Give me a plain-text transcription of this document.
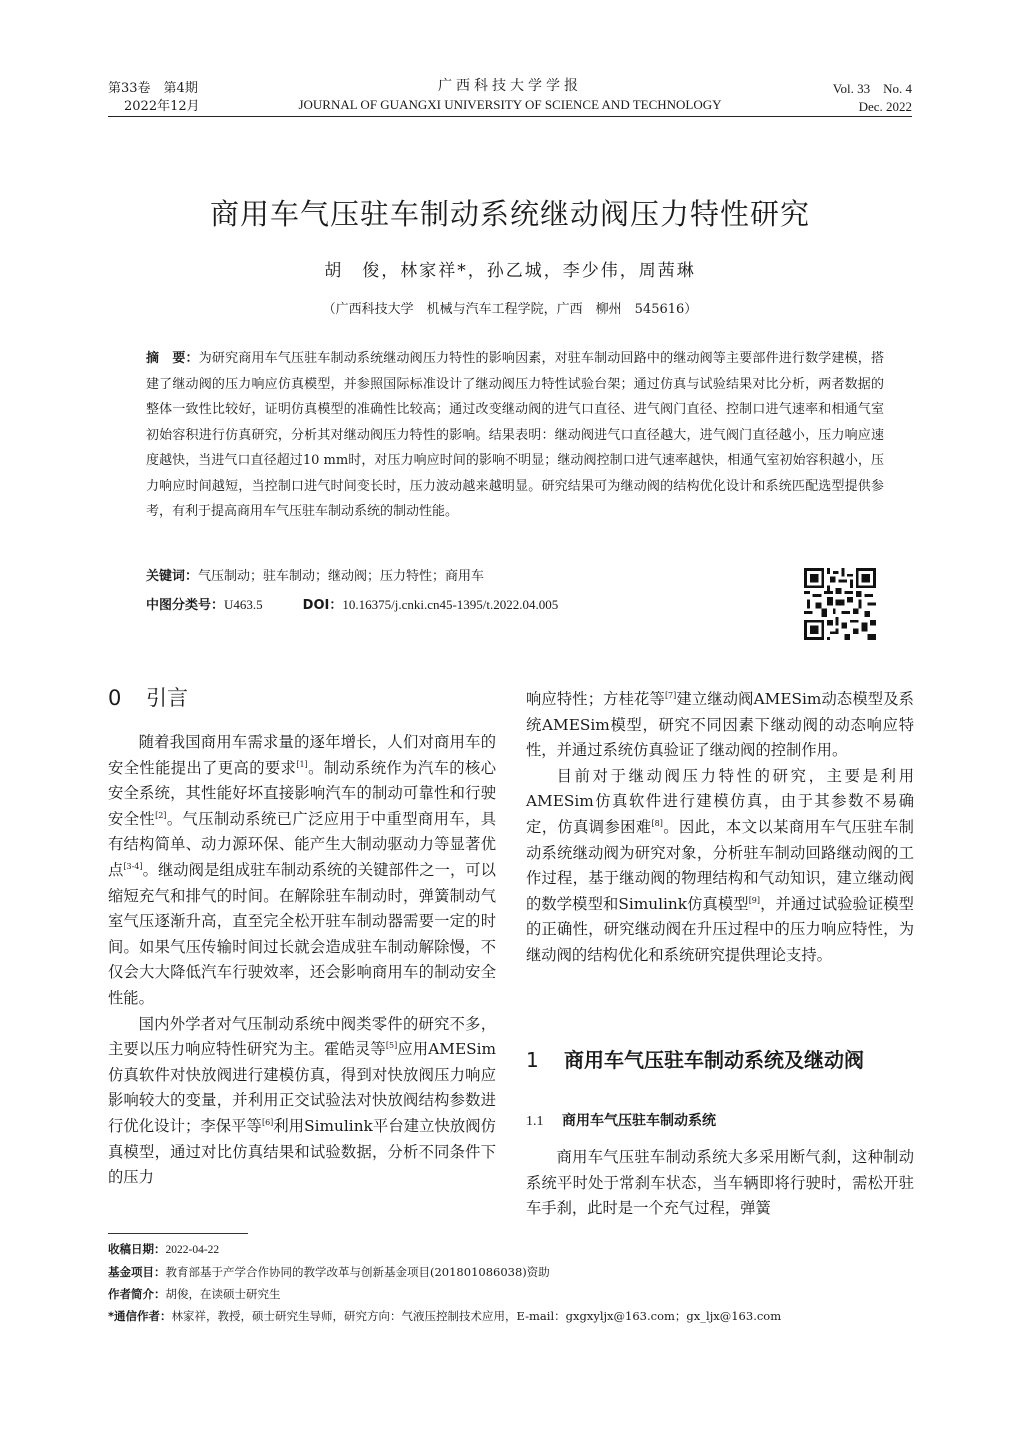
第33卷　第4期
2022年12月
广西科技大学学报
JOURNAL OF GUANGXI UNIVERSITY OF SCIENCE AND TECHNOLOGY
Vol. 33　No. 4
Dec. 2022
商用车气压驻车制动系统继动阀压力特性研究
胡　俊，林家祥*，孙乙城，李少伟，周茜琳
（广西科技大学　机械与汽车工程学院，广西　柳州　545616）
摘　要：为研究商用车气压驻车制动系统继动阀压力特性的影响因素，对驻车制动回路中的继动阀等主要部件进行数学建模，搭建了继动阀的压力响应仿真模型，并参照国际标准设计了继动阀压力特性试验台架；通过仿真与试验结果对比分析，两者数据的整体一致性比较好，证明仿真模型的准确性比较高；通过改变继动阀的进气口直径、进气阀门直径、控制口进气速率和相通气室初始容积进行仿真研究，分析其对继动阀压力特性的影响。结果表明：继动阀进气口直径越大，进气阀门直径越小，压力响应速度越快，当进气口直径超过10 mm时，对压力响应时间的影响不明显；继动阀控制口进气速率越快，相通气室初始容积越小，压力响应时间越短，当控制口进气时间变长时，压力波动越来越明显。研究结果可为继动阀的结构优化设计和系统匹配选型提供参考，有利于提高商用车气压驻车制动系统的制动性能。
关键词：气压制动；驻车制动；继动阀；压力特性；商用车
中图分类号：U463.5	DOI：10.16375/j.cnki.cn45-1395/t.2022.04.005
0 引言

随着我国商用车需求量的逐年增长，人们对商用车的安全性能提出了更高的要求[1]。制动系统作为汽车的核心安全系统，其性能好坏直接影响汽车的制动可靠性和行驶安全性[2]。气压制动系统已广泛应用于中重型商用车，具有结构简单、动力源环保、能产生大制动驱动力等显著优点[3-4]。继动阀是组成驻车制动系统的关键部件之一，可以缩短充气和排气的时间。在解除驻车制动时，弹簧制动气室气压逐渐升高，直至完全松开驻车制动器需要一定的时间。如果气压传输时间过长就会造成驻车制动解除慢，不仅会大大降低汽车行驶效率，还会影响商用车的制动安全性能。

国内外学者对气压制动系统中阀类零件的研究不多，主要以压力响应特性研究为主。霍皓灵等[5]应用AMESim仿真软件对快放阀进行建模仿真，得到对快放阀压力响应影响较大的变量，并利用正交试验法对快放阀结构参数进行优化设计；李保平等[6]利用Simulink平台建立快放阀仿真模型，通过对比仿真结果和试验数据，分析不同条件下的压力

响应特性；方桂花等[7]建立继动阀AMESim动态模型及系统AMESim模型，研究不同因素下继动阀的动态响应特性，并通过系统仿真验证了继动阀的控制作用。

目前对于继动阀压力特性的研究，主要是利用AMESim仿真软件进行建模仿真，由于其参数不易确定，仿真调参困难[8]。因此，本文以某商用车气压驻车制动系统继动阀为研究对象，分析驻车制动回路继动阀的工作过程，基于继动阀的物理结构和气动知识，建立继动阀的数学模型和Simulink仿真模型[9]，并通过试验验证模型的正确性，研究继动阀在升压过程中的压力响应特性，为继动阀的结构优化和系统研究提供理论支持。

1 商用车气压驻车制动系统及继动阀
1.1 商用车气压驻车制动系统

商用车气压驻车制动系统大多采用断气刹，这种制动系统平时处于常刹车状态，当车辆即将行驶时，需松开驻车手刹，此时是一个充气过程，弹簧

收稿日期：2022-04-22
基金项目：教育部基于产学合作协同的教学改革与创新基金项目(201801086038)资助
作者简介：胡俊，在读硕士研究生
*通信作者：林家祥，教授，硕士研究生导师，研究方向：气液压控制技术应用，E-mail：gxgxyljx@163.com；gx_ljx@163.com
